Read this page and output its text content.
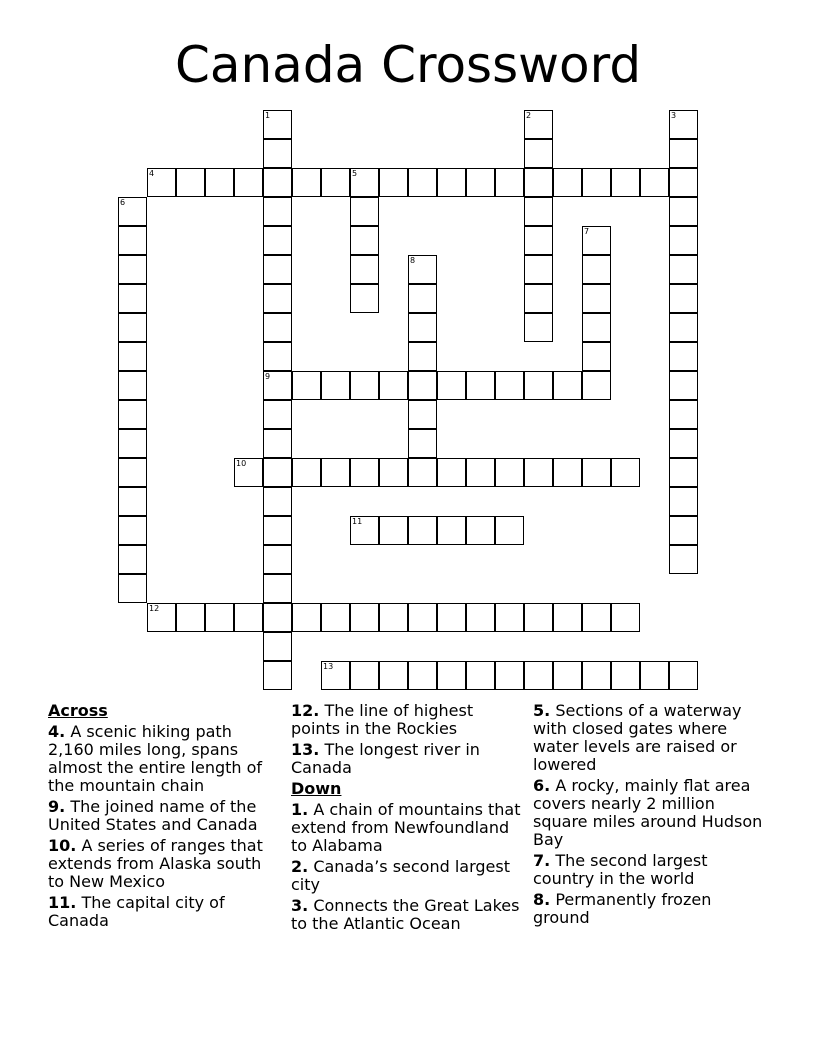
Canada Crossword
1
9
2	3
4	5
6
7
8
10
11
12
13
Across
4. A scenic hiking path 2,160 miles long, spans almost the entire length of the mountain chain
9. The joined name of the United States and Canada
10. A series of ranges that extends from Alaska south to New Mexico
11. The capital city of Canada
12. The line of highest points in the Rockies
13. The longest river in Canada
Down
1. A chain of mountains that extend from Newfoundland to Alabama
2. Canada’s second largest city
3. Connects the Great Lakes to the Atlantic Ocean
5. Sections of a waterway with closed gates where water levels are raised or lowered
6. A rocky, mainly flat area covers nearly 2 million square miles around Hudson Bay
7. The second largest country in the world
8. Permanently frozen ground
